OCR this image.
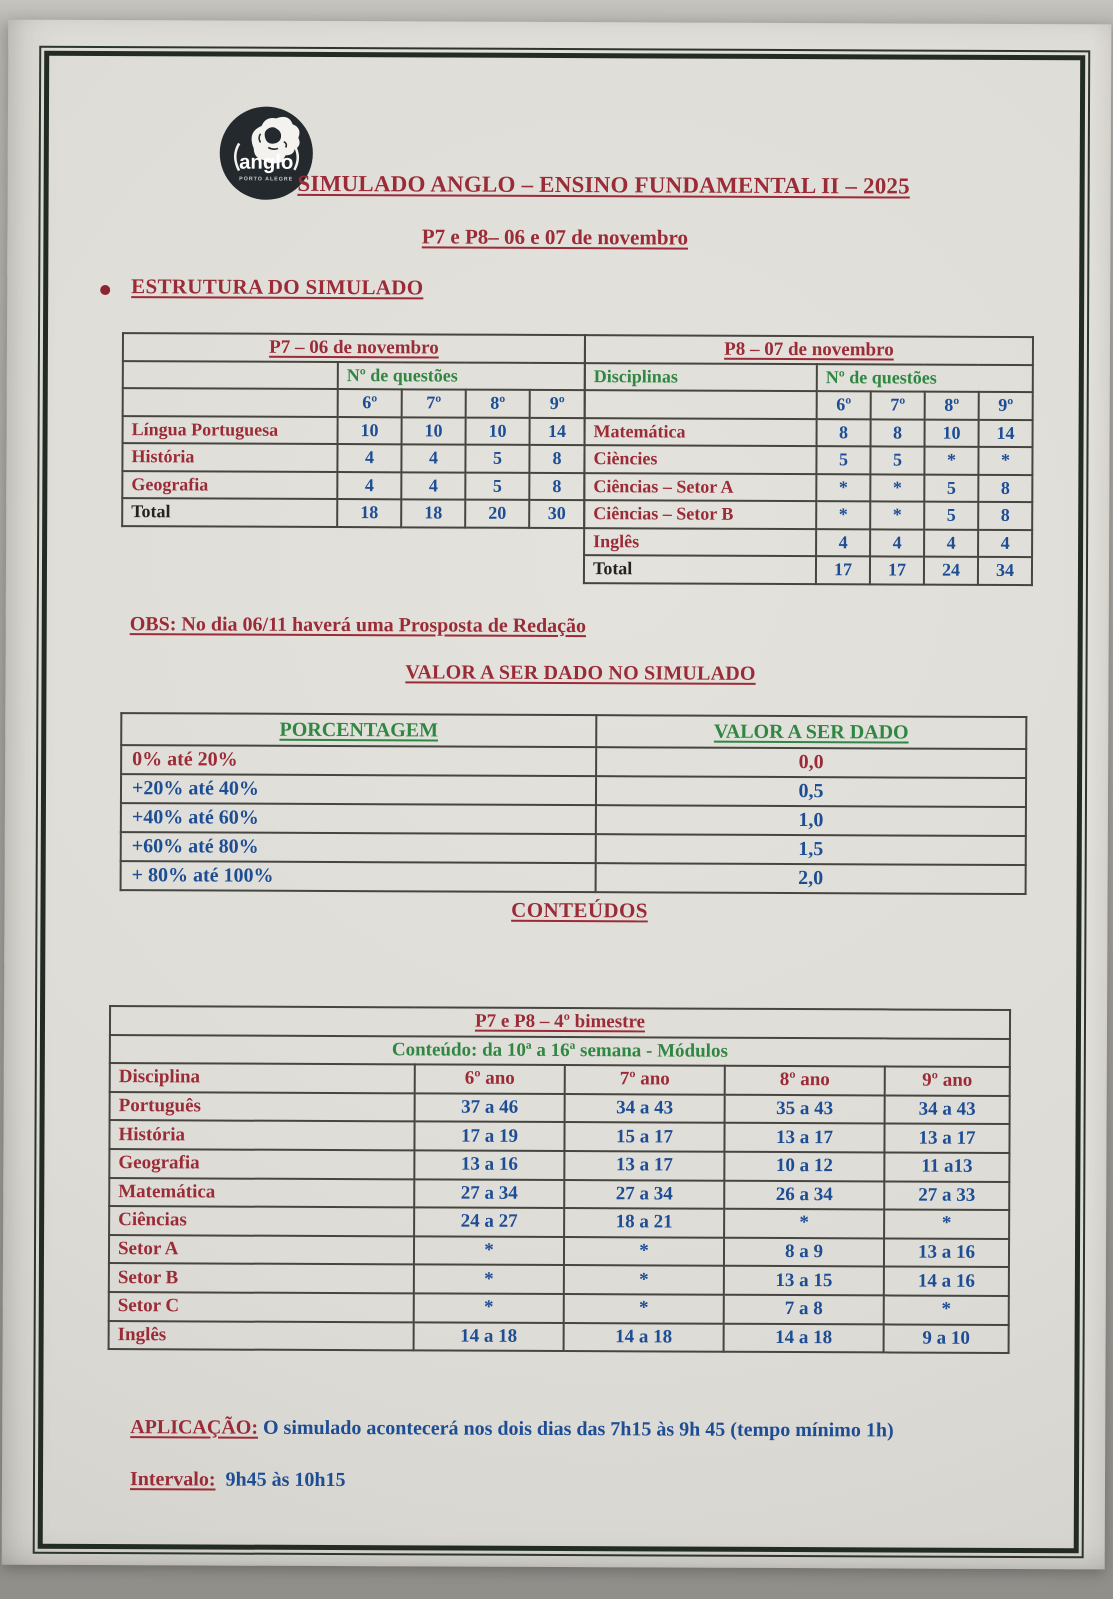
anglo
PORTO ALEGRE SIMULADO ANGLO – ENSINO FUNDAMENTAL II – 2025
P7 e P8– 06 e 07 de novembro
ESTRUTURA DO SIMULADO
P7 – 06 de novembro				
	Nº de questões			
	6º	7º	8º	9º
Língua Portuguesa	10	10	10	14
História	4	4	5	8
Geografia	4	4	5	8
Total	18	18	20	30
P8 – 07 de novembro				
Disciplinas	Nº de questões			
	6º	7º	8º	9º
Matemática	8	8	10	14
Ciències	5	5	*	*
Ciências – Setor A	*	*	5	8
Ciências – Setor B	*	*	5	8
Inglês	4	4	4	4
Total	17	17	24	34
OBS: No dia 06/11 haverá uma Prosposta de Redação
VALOR A SER DADO NO SIMULADO
PORCENTAGEM	VALOR A SER DADO
0% até 20%	0,0
+20% até 40%	0,5
+40% até 60%	1,0
+60% até 80%	1,5
+ 80% até 100%	2,0
CONTEÚDOS
P7 e P8 – 4º bimestre				
Conteúdo: da 10ª a 16ª semana - Módulos				
Disciplina	6º ano	7º ano	8º ano	9º ano
Português	37 a 46	34 a 43	35 a 43	34 a 43
História	17 a 19	15 a 17	13 a 17	13 a 17
Geografia	13 a 16	13 a 17	10 a 12	11 a13
Matemática	27 a 34	27 a 34	26 a 34	27 a 33
Ciências	24 a 27	18 a 21	*	*
Setor A	*	*	8 a 9	13 a 16
Setor B	*	*	13 a 15	14 a 16
Setor C	*	*	7 a 8	*
Inglês	14 a 18	14 a 18	14 a 18	9 a 10
APLICAÇÃO: O simulado acontecerá nos dois dias das 7h15 às 9h 45 (tempo mínimo 1h)
Intervalo: 9h45 às 10h15
